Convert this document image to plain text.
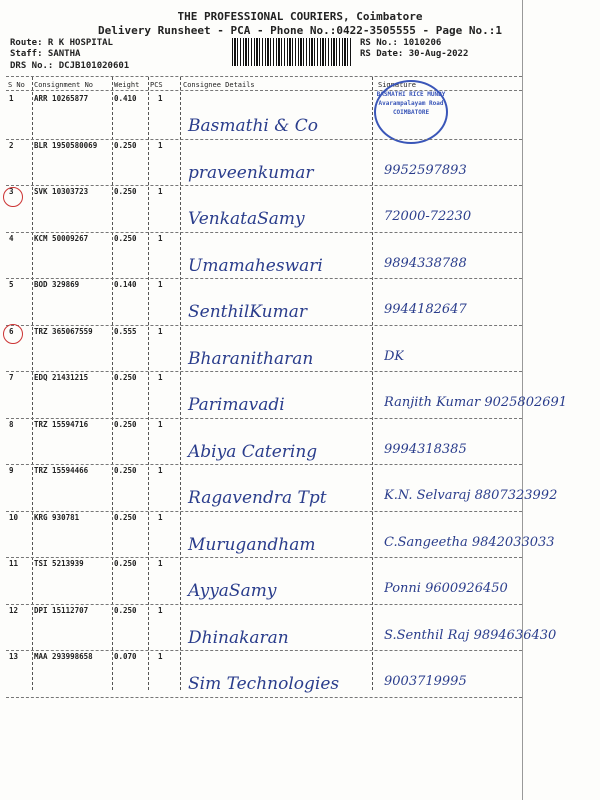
THE PROFESSIONAL COURIERS, Coimbatore
Delivery Runsheet - PCA - Phone No.:0422-3505555 - Page No.:1
Route: R K HOSPITAL
Staff: SANTHA
DRS No.: DCJB101020601
RS No.: 1010206
RS Date: 30-Aug-2022
S No Consignment No	Weight PCS	Consignee Details	Signature
BASMATHI RICE MUNDY
Avarampalayam Road
COIMBATORE
1	ARR 10265877	0.410	1
Basmathi & Co
2	BLR 1950580069 0.250	1
praveenkumar	9952597893
3	SVK 10303723	0.250	1
VenkataSamy	72000-72230
4	KCM 50009267	0.250	1
Umamaheswari	9894338788
5	BOD 329869	0.140	1
SenthilKumar	9944182647
6	TRZ 365067559	0.555	1
Bharanitharan	DK
7	EDQ 21431215	0.250	1
Parimavadi	Ranjith Kumar 9025802691
8	TRZ 15594716	0.250	1
Abiya Catering	9994318385
9	TRZ 15594466	0.250	1
Ragavendra Tpt	K.N. Selvaraj 8807323992
10 KRG 930781	0.250	1
Murugandham	C.Sangeetha 9842033033
11 TSI 5213939	0.250	1
AyyaSamy	Ponni 9600926450
12 DPI 15112707	0.250	1
Dhinakaran	S.Senthil Raj 9894636430
13 MAA 293998658	0.070	1
Sim Technologies	9003719995
